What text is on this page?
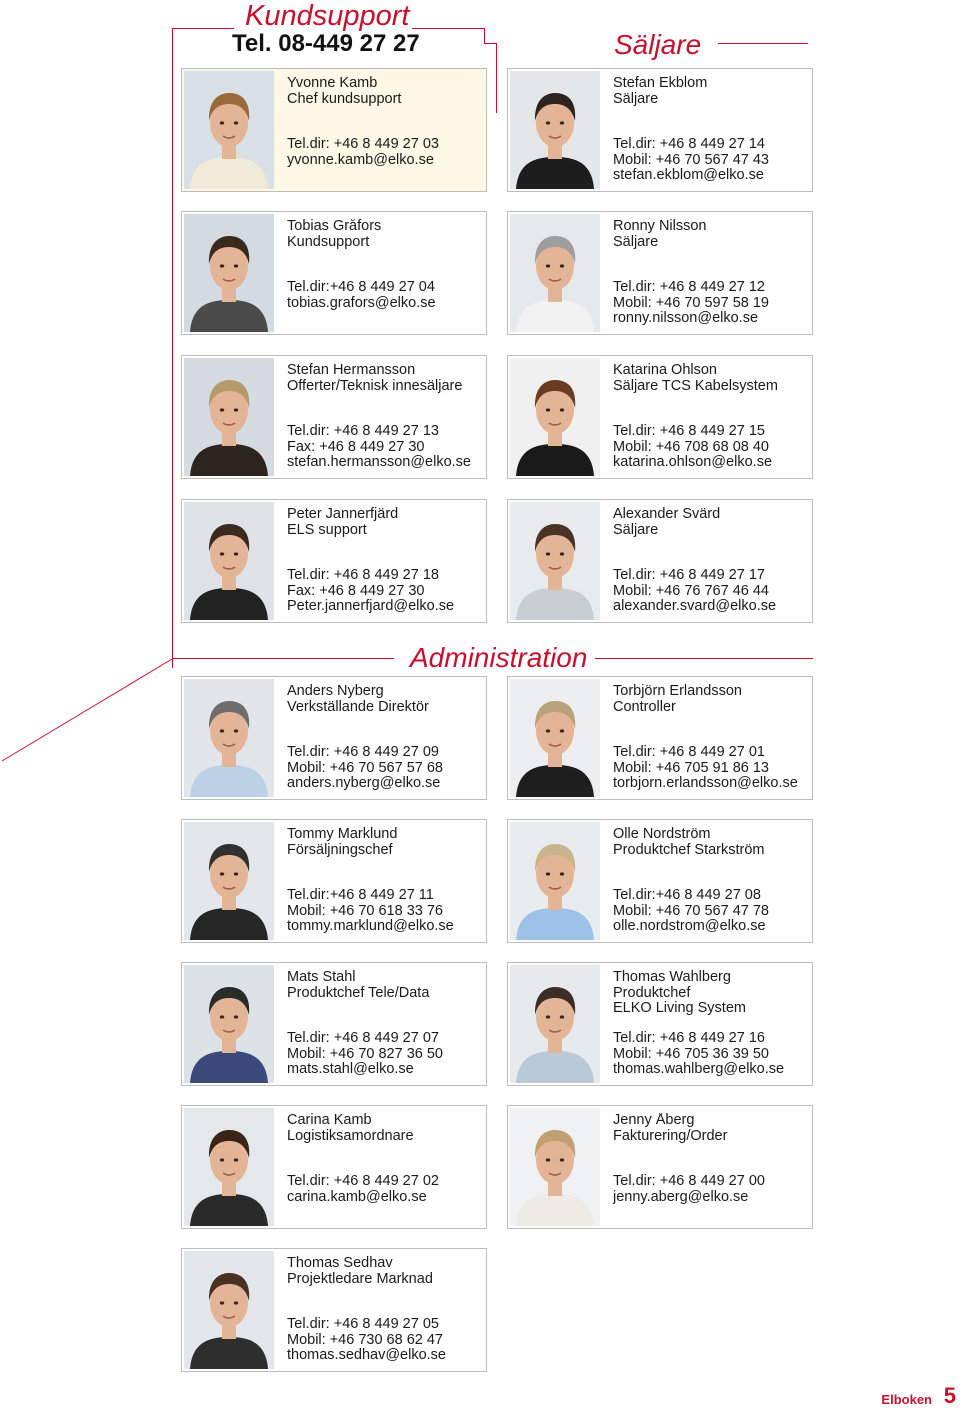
Kundsupport
Tel. 08-449 27 27	Säljare
Administration
Yvonne Kamb
Chef kundsupport
Tel.dir: +46 8 449 27 03
yvonne.kamb@elko.se
Stefan Ekblom
Säljare
Tel.dir: +46 8 449 27 14
Mobil: +46 70 567 47 43
stefan.ekblom@elko.se
Tobias Gråfors
Kundsupport
Tel.dir:+46 8 449 27 04
tobias.grafors@elko.se
Ronny Nilsson
Säljare
Tel.dir: +46 8 449 27 12
Mobil: +46 70 597 58 19
ronny.nilsson@elko.se
Stefan Hermansson
Offerter/Teknisk innesäljare
Tel.dir: +46 8 449 27 13
Fax: +46 8 449 27 30
stefan.hermansson@elko.se
Katarina Ohlson
Säljare TCS Kabelsystem
Tel.dir: +46 8 449 27 15
Mobil: +46 708 68 08 40
katarina.ohlson@elko.se
Peter Jannerfjärd
ELS support
Tel.dir: +46 8 449 27 18
Fax: +46 8 449 27 30
Peter.jannerfjard@elko.se
Alexander Svärd
Säljare
Tel.dir: +46 8 449 27 17
Mobil: +46 76 767 46 44
alexander.svard@elko.se
Anders Nyberg
Verkställande Direktör
Tel.dir: +46 8 449 27 09
Mobil: +46 70 567 57 68
anders.nyberg@elko.se
Torbjörn Erlandsson
Controller
Tel.dir: +46 8 449 27 01
Mobil: +46 705 91 86 13
torbjorn.erlandsson@elko.se
Tommy Marklund
Försäljningschef
Tel.dir:+46 8 449 27 11
Mobil: +46 70 618 33 76
tommy.marklund@elko.se
Olle Nordström
Produktchef Starkström
Tel.dir:+46 8 449 27 08
Mobil: +46 70 567 47 78
olle.nordstrom@elko.se
Mats Stahl
Produktchef Tele/Data
Tel.dir: +46 8 449 27 07
Mobil: +46 70 827 36 50
mats.stahl@elko.se
Thomas Wahlberg
Produktchef
ELKO Living System
Tel.dir: +46 8 449 27 16
Mobil: +46 705 36 39 50
thomas.wahlberg@elko.se
Carina Kamb
Logistiksamordnare
Tel.dir: +46 8 449 27 02
carina.kamb@elko.se
Jenny Åberg
Fakturering/Order
Tel.dir: +46 8 449 27 00
jenny.aberg@elko.se
Thomas Sedhav
Projektledare Marknad
Tel.dir: +46 8 449 27 05
Mobil: +46 730 68 62 47
thomas.sedhav@elko.se
Elboken 5
